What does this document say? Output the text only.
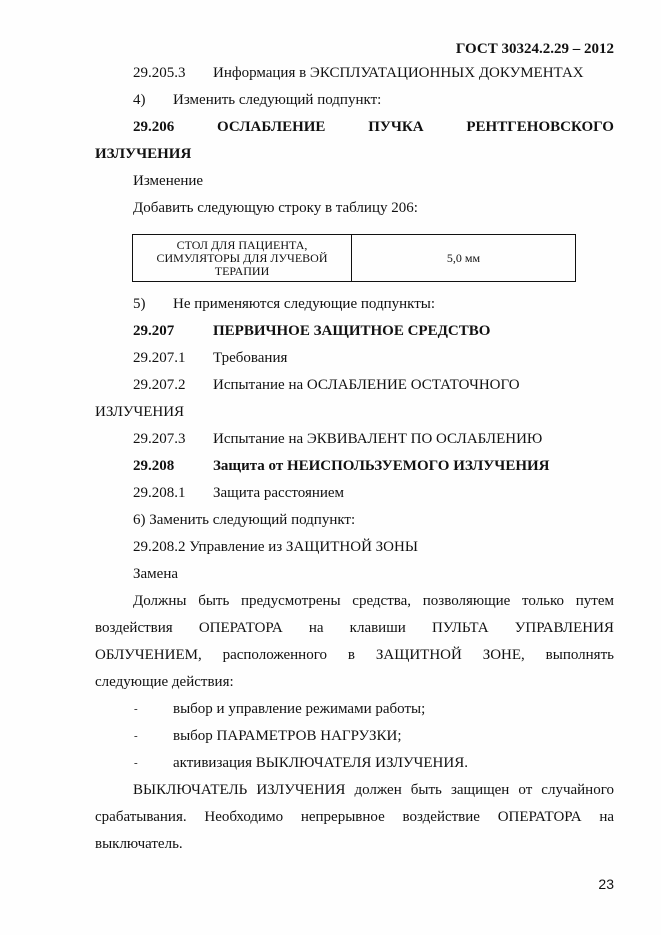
ГОСТ 30324.2.29 – 2012
29.205.3 Информация в ЭКСПЛУАТАЦИОННЫХ ДОКУМЕНТАХ
4) Изменить следующий подпункт:
29.206	ОСЛАБЛЕНИЕ	ПУЧКА	РЕНТГЕНОВСКОГО
ИЗЛУЧЕНИЯ
Изменение
Добавить следующую строку в таблицу 206:
СТОЛ ДЛЯ ПАЦИЕНТА,
СИМУЛЯТОРЫ ДЛЯ ЛУЧЕВОЙ
ТЕРАПИИ
	5,0 мм
5) Не применяются следующие подпункты:
29.207	ПЕРВИЧНОЕ ЗАЩИТНОЕ СРЕДСТВО
29.207.1 Требования
29.207.2 Испытание на ОСЛАБЛЕНИЕ ОСТАТОЧНОГО
ИЗЛУЧЕНИЯ
29.207.3 Испытание на ЭКВИВАЛЕНТ ПО ОСЛАБЛЕНИЮ
29.208	Защита от НЕИСПОЛЬЗУЕМОГО ИЗЛУЧЕНИЯ
29.208.1 Защита расстоянием
6) Заменить следующий подпункт:
29.208.2 Управление из ЗАЩИТНОЙ ЗОНЫ
Замена
Должны быть предусмотрены средства, позволяющие только путем
воздействия ОПЕРАТОРА на клавиши ПУЛЬТА УПРАВЛЕНИЯ
ОБЛУЧЕНИЕМ, расположенного в ЗАЩИТНОЙ ЗОНЕ, выполнять
следующие действия:
- выбор и управление режимами работы;
- выбор ПАРАМЕТРОВ НАГРУЗКИ;
- активизация ВЫКЛЮЧАТЕЛЯ ИЗЛУЧЕНИЯ.
ВЫКЛЮЧАТЕЛЬ ИЗЛУЧЕНИЯ должен быть защищен от случайного
срабатывания. Необходимо непрерывное воздействие ОПЕРАТОРА на
выключатель.
23
